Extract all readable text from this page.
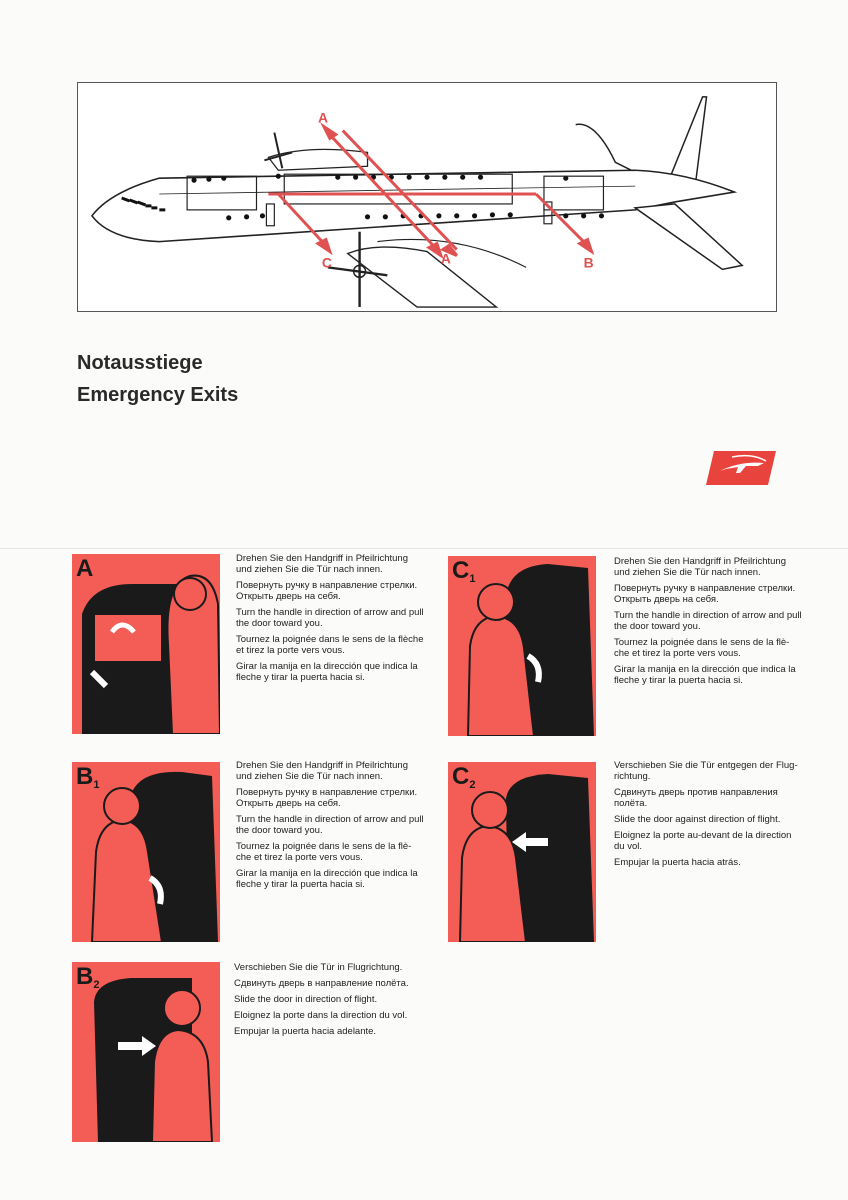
A
A	B
C
Notausstiege
Emergency Exits
A	Drehen Sie den Handgriff in Pfeilrichtung und ziehen Sie die Tür nach innen.

Повернуть ручку в направление стрелки. Открыть дверь на себя.

Turn the handle in direction of arrow and pull the door toward you.

Tournez la poignée dans le sens de la flèche et tirez la porte vers vous.

Girar la manija en la dirección que indica la fleche y tirar la puerta hacia si.

$B_1$

Drehen Sie den Handgriff in Pfeilrichtung und ziehen Sie die Tür nach innen.

Повернуть ручку в направление стрелки. Открыть дверь на себя.

Turn the handle in direction of arrow and pull the door toward you.

Tournez la poignée dans le sens de la flè-che et tirez la porte vers vous.

Girar la manija en la dirección que indica la fleche y tirar la puerta hacia si.

$B_2$

Verschieben Sie die Tür in Flugrichtung.

Сдвинуть дверь в направление полёта.

Slide the door in direction of flight.

Eloignez la porte dans la direction du vol.

Empujar la puerta hacia adelante.

$C_1$

Drehen Sie den Handgriff in Pfeilrichtung und ziehen Sie die Tür nach innen.

Повернуть ручку в направление стрелки. Открыть дверь на себя.

Turn the handle in direction of arrow and pull the door toward you.

Tournez la poignée dans le sens de la flè-che et tirez la porte vers vous.

Girar la manija en la dirección que indica la fleche y tirar la puerta hacia si.

$C_2$

Verschieben Sie die Tür entgegen der Flug-richtung.

Сдвинуть дверь против направления полёта.

Slide the door against direction of flight.

Eloignez la porte au-devant de la direction du vol.

Empujar la puerta hacia atrás.
